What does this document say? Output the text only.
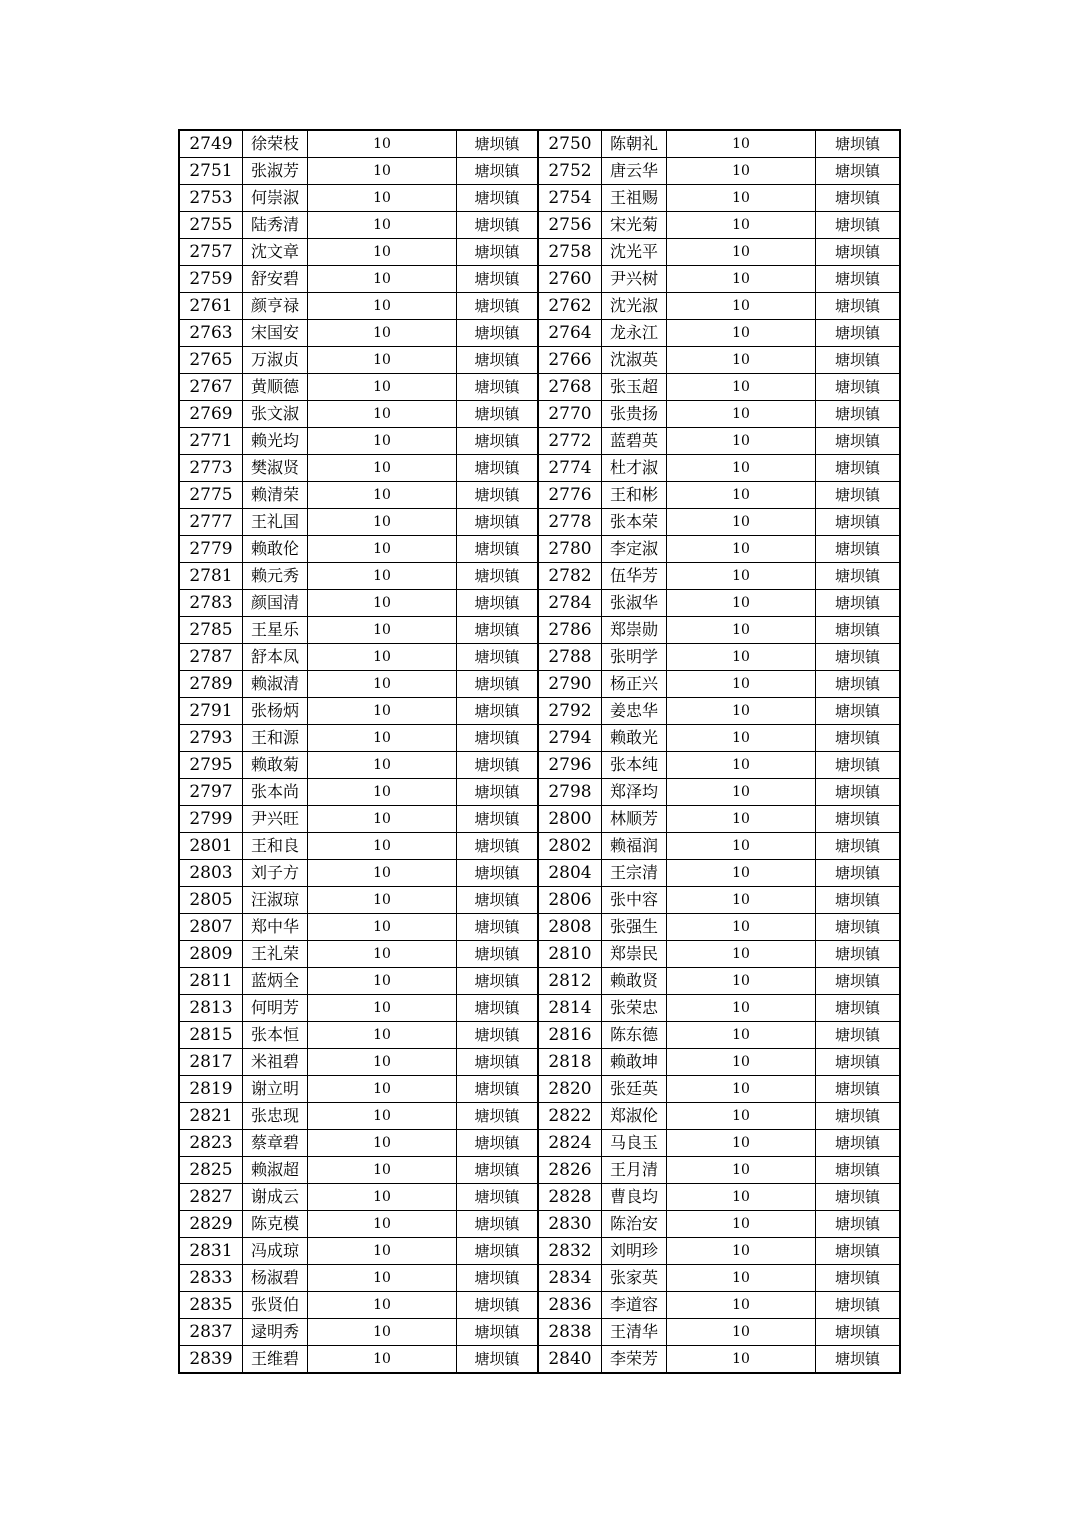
2749	徐荣枝	10	塘坝镇	2750	陈朝礼	10	塘坝镇
2751	张淑芳	10	塘坝镇	2752	唐云华	10	塘坝镇
2753	何崇淑	10	塘坝镇	2754	王祖赐	10	塘坝镇
2755	陆秀清	10	塘坝镇	2756	宋光菊	10	塘坝镇
2757	沈文章	10	塘坝镇	2758	沈光平	10	塘坝镇
2759	舒安碧	10	塘坝镇	2760	尹兴树	10	塘坝镇
2761	颜亨禄	10	塘坝镇	2762	沈光淑	10	塘坝镇
2763	宋国安	10	塘坝镇	2764	龙永江	10	塘坝镇
2765	万淑贞	10	塘坝镇	2766	沈淑英	10	塘坝镇
2767	黄顺德	10	塘坝镇	2768	张玉超	10	塘坝镇
2769	张文淑	10	塘坝镇	2770	张贵扬	10	塘坝镇
2771	赖光均	10	塘坝镇	2772	蓝碧英	10	塘坝镇
2773	樊淑贤	10	塘坝镇	2774	杜才淑	10	塘坝镇
2775	赖清荣	10	塘坝镇	2776	王和彬	10	塘坝镇
2777	王礼国	10	塘坝镇	2778	张本荣	10	塘坝镇
2779	赖敢伦	10	塘坝镇	2780	李定淑	10	塘坝镇
2781	赖元秀	10	塘坝镇	2782	伍华芳	10	塘坝镇
2783	颜国清	10	塘坝镇	2784	张淑华	10	塘坝镇
2785	王星乐	10	塘坝镇	2786	郑崇勋	10	塘坝镇
2787	舒本凤	10	塘坝镇	2788	张明学	10	塘坝镇
2789	赖淑清	10	塘坝镇	2790	杨正兴	10	塘坝镇
2791	张杨炳	10	塘坝镇	2792	姜忠华	10	塘坝镇
2793	王和源	10	塘坝镇	2794	赖敢光	10	塘坝镇
2795	赖敢菊	10	塘坝镇	2796	张本纯	10	塘坝镇
2797	张本尚	10	塘坝镇	2798	郑泽均	10	塘坝镇
2799	尹兴旺	10	塘坝镇	2800	林顺芳	10	塘坝镇
2801	王和良	10	塘坝镇	2802	赖福润	10	塘坝镇
2803	刘子方	10	塘坝镇	2804	王宗清	10	塘坝镇
2805	汪淑琼	10	塘坝镇	2806	张中容	10	塘坝镇
2807	郑中华	10	塘坝镇	2808	张强生	10	塘坝镇
2809	王礼荣	10	塘坝镇	2810	郑崇民	10	塘坝镇
2811	蓝炳全	10	塘坝镇	2812	赖敢贤	10	塘坝镇
2813	何明芳	10	塘坝镇	2814	张荣忠	10	塘坝镇
2815	张本恒	10	塘坝镇	2816	陈东德	10	塘坝镇
2817	米祖碧	10	塘坝镇	2818	赖敢坤	10	塘坝镇
2819	谢立明	10	塘坝镇	2820	张廷英	10	塘坝镇
2821	张忠现	10	塘坝镇	2822	郑淑伦	10	塘坝镇
2823	蔡章碧	10	塘坝镇	2824	马良玉	10	塘坝镇
2825	赖淑超	10	塘坝镇	2826	王月清	10	塘坝镇
2827	谢成云	10	塘坝镇	2828	曹良均	10	塘坝镇
2829	陈克模	10	塘坝镇	2830	陈治安	10	塘坝镇
2831	冯成琼	10	塘坝镇	2832	刘明珍	10	塘坝镇
2833	杨淑碧	10	塘坝镇	2834	张家英	10	塘坝镇
2835	张贤伯	10	塘坝镇	2836	李道容	10	塘坝镇
2837	逯明秀	10	塘坝镇	2838	王清华	10	塘坝镇
2839	王维碧	10	塘坝镇	2840	李荣芳	10	塘坝镇
